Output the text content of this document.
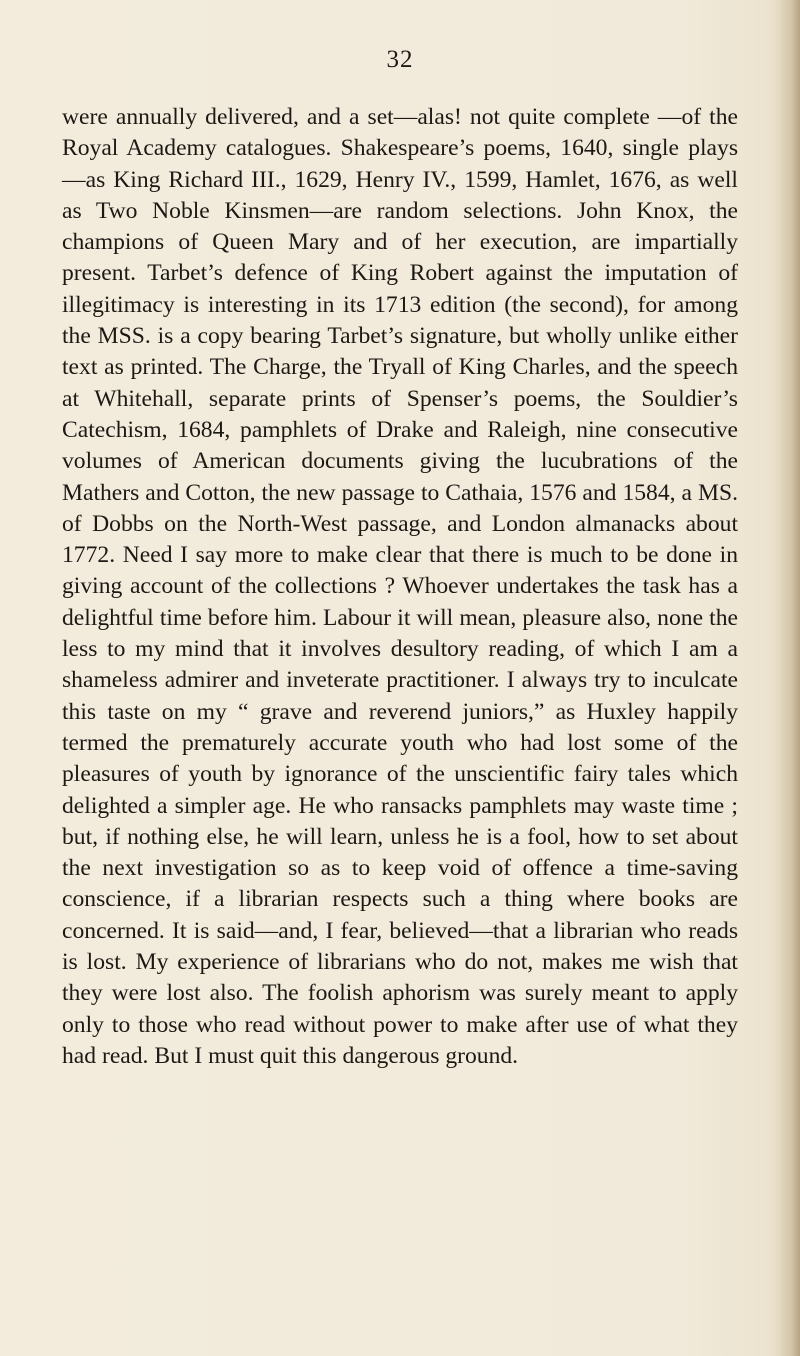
32

were annually delivered, and a set—alas! not quite complete —of the Royal Academy catalogues. Shakespeare’s poems, 1640, single plays—as King Richard III., 1629, Henry IV., 1599, Hamlet, 1676, as well as Two Noble Kinsmen—are random selections. John Knox, the champions of Queen Mary and of her execution, are impartially present. Tarbet’s defence of King Robert against the imputation of illegitimacy is interesting in its 1713 edition (the second), for among the MSS. is a copy bearing Tarbet’s signature, but wholly unlike either text as printed. The Charge, the Tryall of King Charles, and the speech at Whitehall, separate prints of Spenser’s poems, the Souldier’s Catechism, 1684, pamphlets of Drake and Raleigh, nine consecutive volumes of American documents giving the lucubrations of the Mathers and Cotton, the new passage to Cathaia, 1576 and 1584, a MS. of Dobbs on the North-West passage, and London almanacks about 1772. Need I say more to make clear that there is much to be done in giving account of the collections ? Whoever undertakes the task has a delightful time before him. Labour it will mean, pleasure also, none the less to my mind that it involves desultory reading, of which I am a shameless admirer and inveterate practitioner. I always try to inculcate this taste on my “ grave and reverend juniors,” as Huxley happily termed the prematurely accurate youth who had lost some of the pleasures of youth by ignorance of the unscientific fairy tales which delighted a simpler age. He who ransacks pamphlets may waste time ; but, if nothing else, he will learn, unless he is a fool, how to set about the next investigation so as to keep void of offence a time-saving conscience, if a librarian respects such a thing where books are concerned. It is said—and, I fear, believed—that a librarian who reads is lost. My experience of librarians who do not, makes me wish that they were lost also. The foolish aphorism was surely meant to apply only to those who read without power to make after use of what they had read. But I must quit this dangerous ground.
